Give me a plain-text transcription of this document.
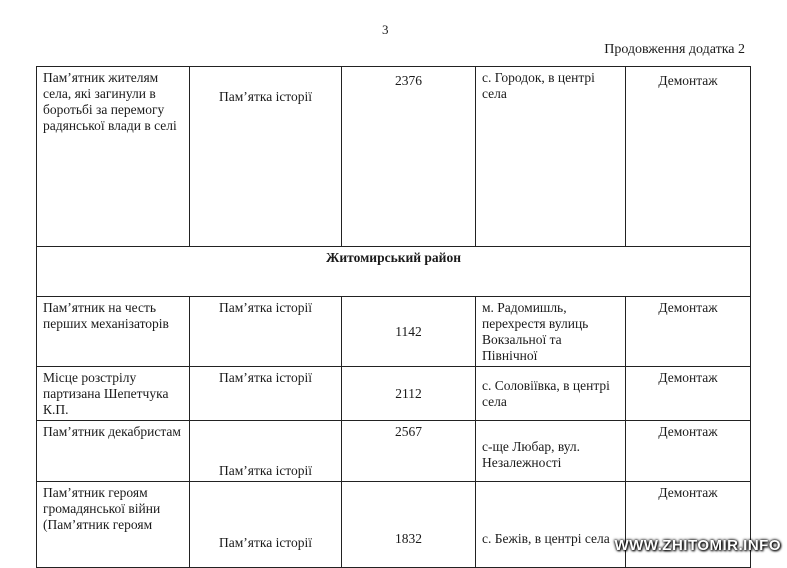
3
Продовження додатка 2
Пам’ятник жителям села, які загинули в боротьбі за перемогу радянської влади в селі	Пам’ятка історії	2376	с. Городок, в центрі села	Демонтаж
Житомирський район				
Пам’ятник на честь перших механізаторів	Пам’ятка історії	1142	м. Радомишль, перехрестя вулиць Вокзальної та Північної	Демонтаж
Місце розстрілу партизана Шепетчука К.П.	Пам’ятка історії	2112	с. Соловіївка, в центрі села	Демонтаж
Пам’ятник декабристам	Пам’ятка історії	2567	с-ще Любар, вул. Незалежності	Демонтаж
Пам’ятник героям громадянської війни (Пам’ятник героям	Пам’ятка історії	1832	с. Бежів, в центрі села	Демонтаж
WWW.ZHITOMIR.INFO
